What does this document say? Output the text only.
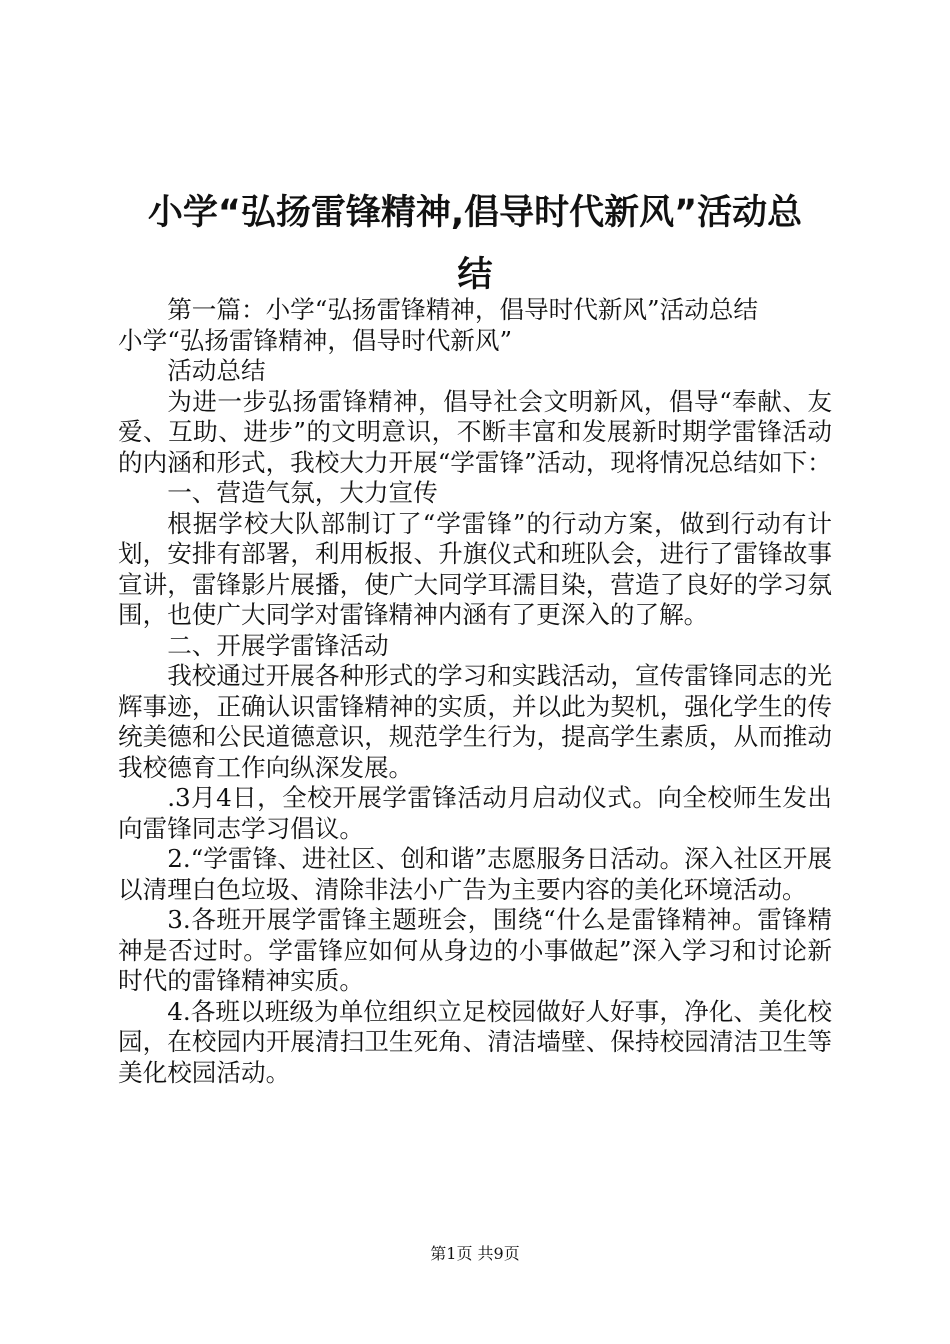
小学“弘扬雷锋精神,倡导时代新风”活动总
结

第一篇：小学“弘扬雷锋精神，倡导时代新风”活动总结

小学“弘扬雷锋精神，倡导时代新风”

活动总结

为进一步弘扬雷锋精神，倡导社会文明新风，倡导“奉献、友爱、互助、进步”的文明意识，不断丰富和发展新时期学雷锋活动的内涵和形式，我校大力开展“学雷锋”活动，现将情况总结如下：

一、营造气氛，大力宣传

根据学校大队部制订了“学雷锋”的行动方案，做到行动有计划，安排有部署，利用板报、升旗仪式和班队会，进行了雷锋故事宣讲，雷锋影片展播，使广大同学耳濡目染，营造了良好的学习氛围，也使广大同学对雷锋精神内涵有了更深入的了解。

二、开展学雷锋活动

我校通过开展各种形式的学习和实践活动，宣传雷锋同志的光辉事迹，正确认识雷锋精神的实质，并以此为契机，强化学生的传统美德和公民道德意识，规范学生行为，提高学生素质，从而推动我校德育工作向纵深发展。

.3月4日，全校开展学雷锋活动月启动仪式。向全校师生发出向雷锋同志学习倡议。

2.“学雷锋、进社区、创和谐”志愿服务日活动。深入社区开展以清理白色垃圾、清除非法小广告为主要内容的美化环境活动。

3.各班开展学雷锋主题班会，围绕“什么是雷锋精神。雷锋精神是否过时。学雷锋应如何从身边的小事做起”深入学习和讨论新时代的雷锋精神实质。

4.各班以班级为单位组织立足校园做好人好事，净化、美化校园，在校园内开展清扫卫生死角、清洁墙壁、保持校园清洁卫生等美化校园活动。

第1页 共9页
